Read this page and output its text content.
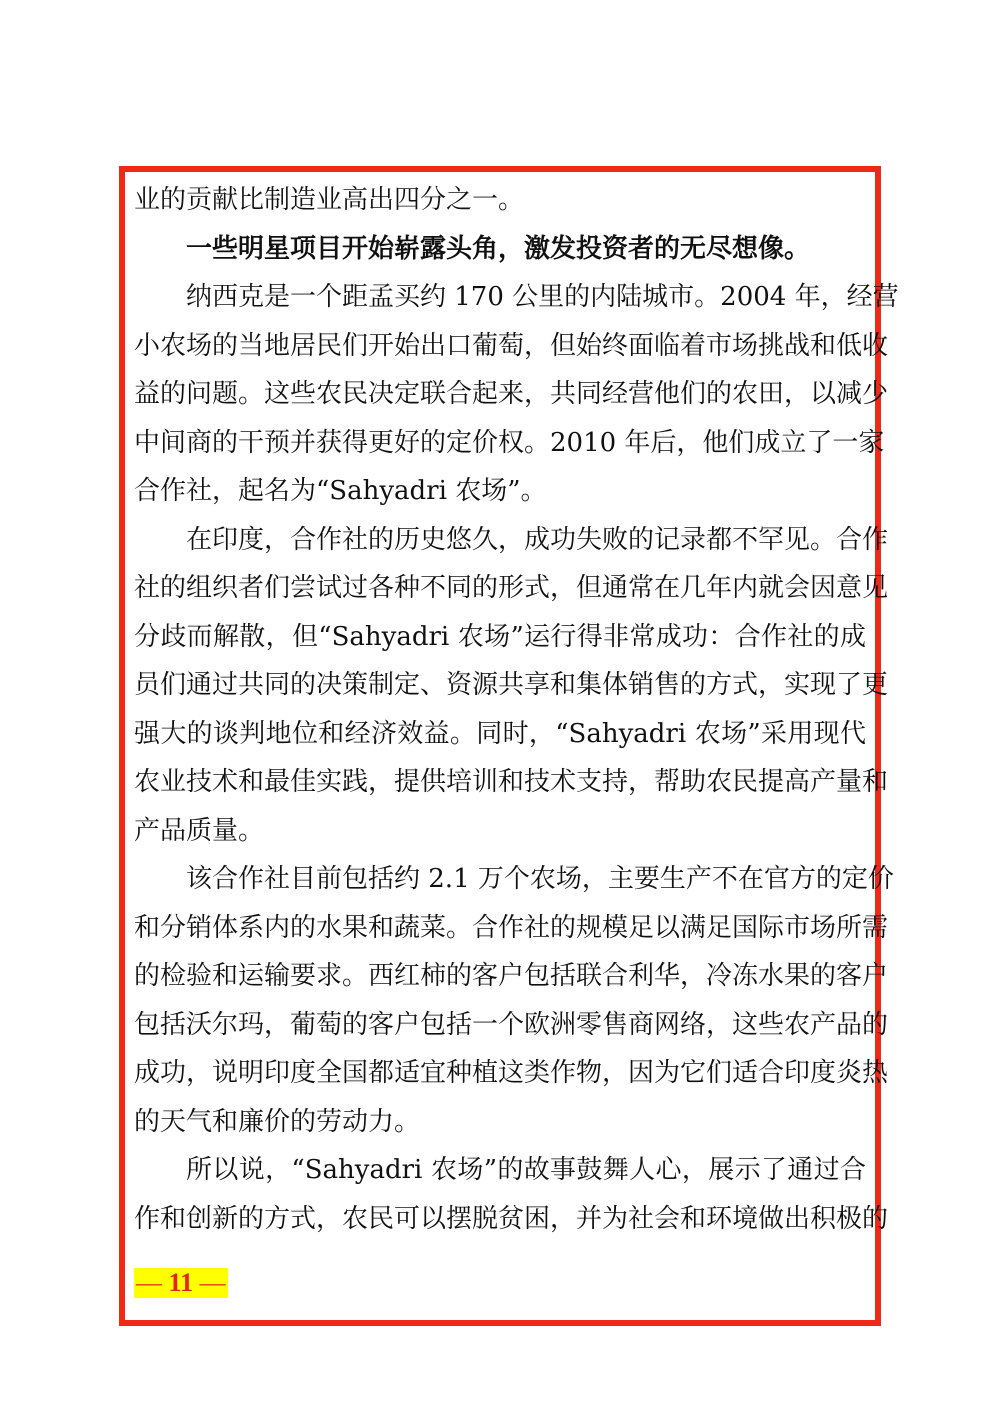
业的贡献比制造业高出四分之一。
一些明星项目开始崭露头角，激发投资者的无尽想像。
纳西克是一个距孟买约 170 公里的内陆城市。2004 年，经营
小农场的当地居民们开始出口葡萄，但始终面临着市场挑战和低收
益的问题。这些农民决定联合起来，共同经营他们的农田，以减少
中间商的干预并获得更好的定价权。2010 年后，他们成立了一家
合作社，起名为“Sahyadri 农场”。
在印度，合作社的历史悠久，成功失败的记录都不罕见。合作
社的组织者们尝试过各种不同的形式，但通常在几年内就会因意见
分歧而解散，但“Sahyadri 农场”运行得非常成功：合作社的成
员们通过共同的决策制定、资源共享和集体销售的方式，实现了更
强大的谈判地位和经济效益。同时，“Sahyadri 农场”采用现代
农业技术和最佳实践，提供培训和技术支持，帮助农民提高产量和
产品质量。
该合作社目前包括约 2.1 万个农场，主要生产不在官方的定价
和分销体系内的水果和蔬菜。合作社的规模足以满足国际市场所需
的检验和运输要求。西红柿的客户包括联合利华，冷冻水果的客户
包括沃尔玛，葡萄的客户包括一个欧洲零售商网络，这些农产品的
成功，说明印度全国都适宜种植这类作物，因为它们适合印度炎热
的天气和廉价的劳动力。
所以说，“Sahyadri 农场”的故事鼓舞人心，展示了通过合
作和创新的方式，农民可以摆脱贫困，并为社会和环境做出积极的
— 11 —
